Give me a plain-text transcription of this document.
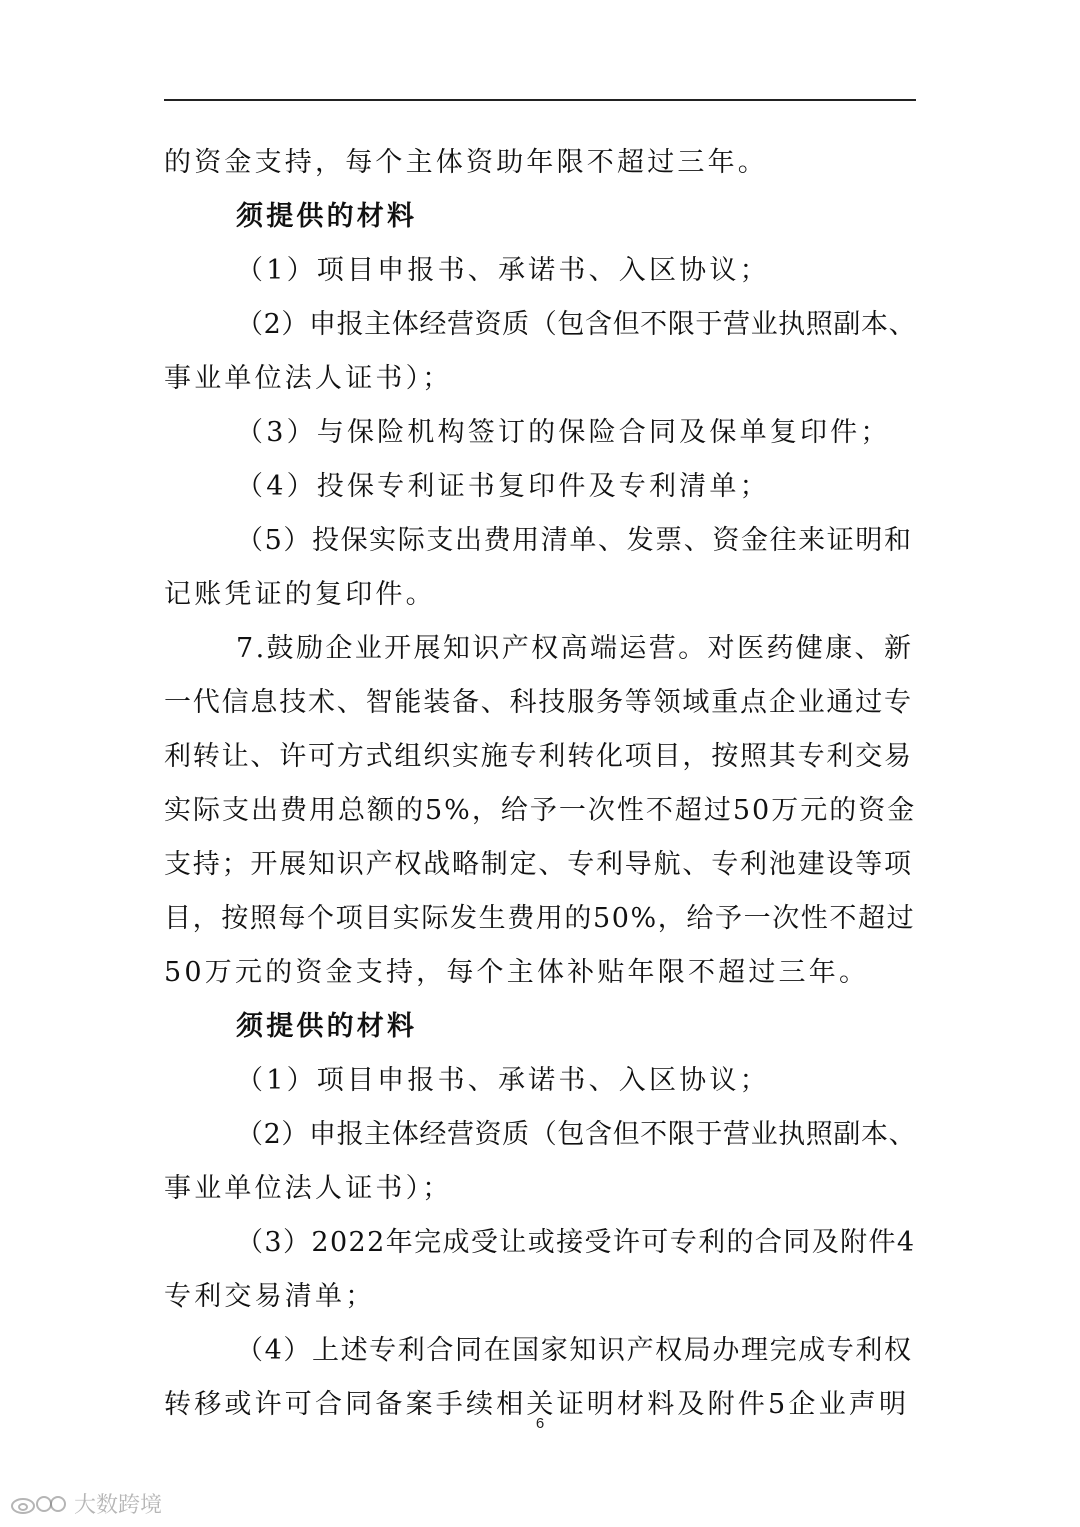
的资金支持，每个主体资助年限不超过三年。
须提供的材料
（1）项目申报书、承诺书、入区协议；
（2）申报主体经营资质（包含但不限于营业执照副本、
事业单位法人证书）；
（3）与保险机构签订的保险合同及保单复印件；
（4）投保专利证书复印件及专利清单；
（5）投保实际支出费用清单、发票、资金往来证明和
记账凭证的复印件。
7.鼓励企业开展知识产权高端运营。对医药健康、新
一代信息技术、智能装备、科技服务等领域重点企业通过专
利转让、许可方式组织实施专利转化项目，按照其专利交易
实际支出费用总额的5%，给予一次性不超过50万元的资金
支持；开展知识产权战略制定、专利导航、专利池建设等项
目，按照每个项目实际发生费用的50%，给予一次性不超过
50万元的资金支持，每个主体补贴年限不超过三年。
须提供的材料
（1）项目申报书、承诺书、入区协议；
（2）申报主体经营资质（包含但不限于营业执照副本、
事业单位法人证书）；
（3）2022年完成受让或接受许可专利的合同及附件4
专利交易清单；
（4）上述专利合同在国家知识产权局办理完成专利权
转移或许可合同备案手续相关证明材料及附件5企业声明
6
大数跨境
